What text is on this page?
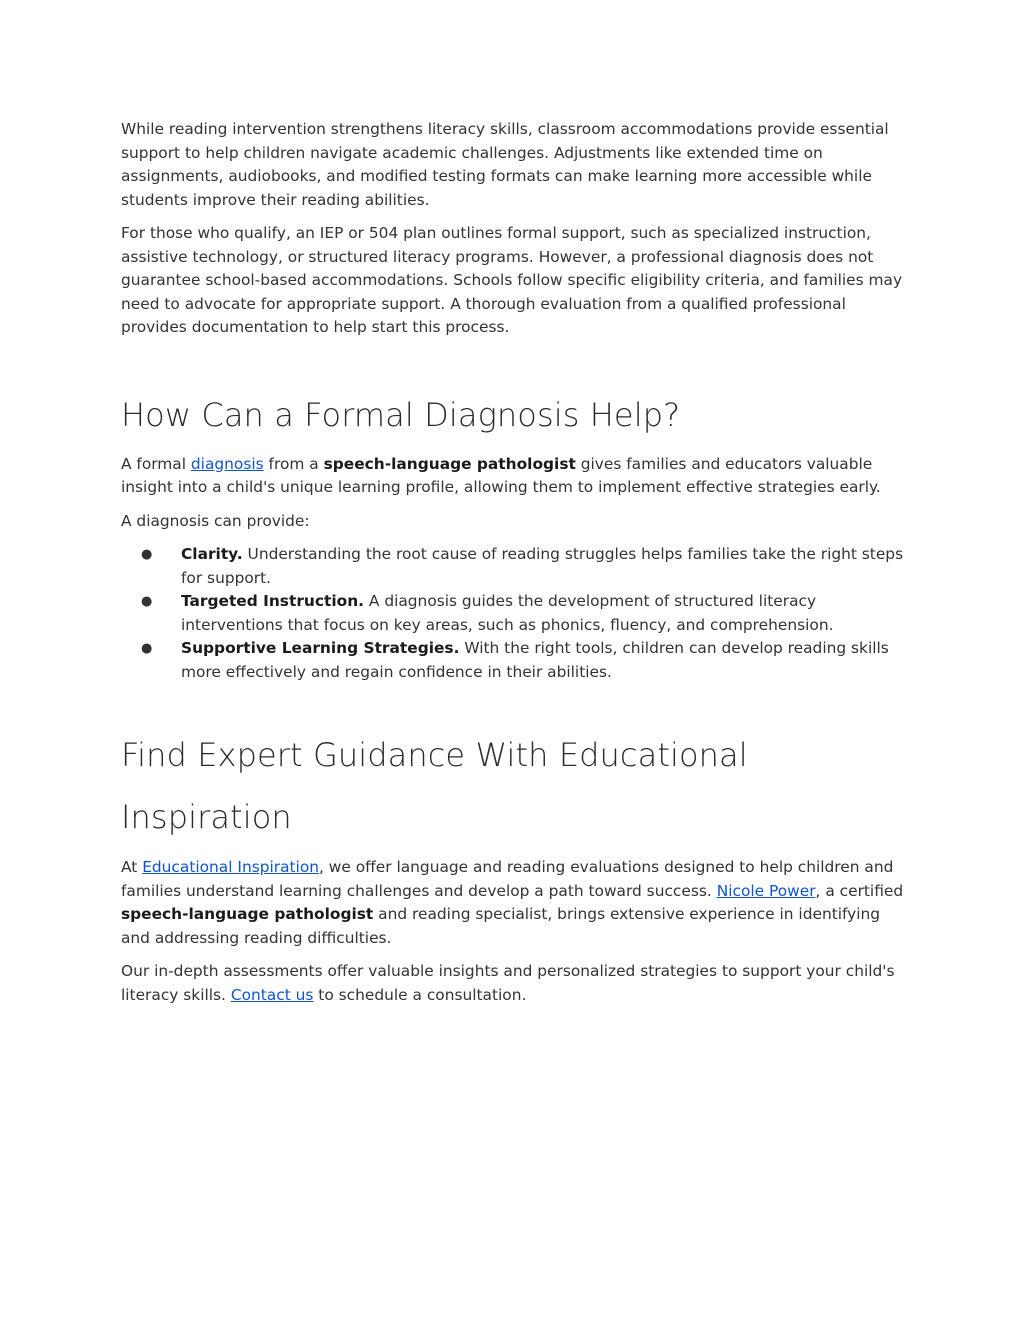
While reading intervention strengthens literacy skills, classroom accommodations provide essential support to help children navigate academic challenges. Adjustments like extended time on assignments, audiobooks, and modified testing formats can make learning more accessible while students improve their reading abilities.

For those who qualify, an IEP or 504 plan outlines formal support, such as specialized instruction, assistive technology, or structured literacy programs. However, a professional diagnosis does not guarantee school-based accommodations. Schools follow specific eligibility criteria, and families may need to advocate for appropriate support. A thorough evaluation from a qualified professional provides documentation to help start this process.

How Can a Formal Diagnosis Help?

A formal diagnosis from a speech-language pathologist gives families and educators valuable insight into a child's unique learning profile, allowing them to implement effective strategies early.

A diagnosis can provide:

● Clarity. Understanding the root cause of reading struggles helps families take the right steps for support.
● Targeted Instruction. A diagnosis guides the development of structured literacy interventions that focus on key areas, such as phonics, fluency, and comprehension.
● Supportive Learning Strategies. With the right tools, children can develop reading skills more effectively and regain confidence in their abilities.
Find Expert Guidance With Educational
Inspiration

At Educational Inspiration, we offer language and reading evaluations designed to help children and families understand learning challenges and develop a path toward success. Nicole Power, a certified speech-language pathologist and reading specialist, brings extensive experience in identifying and addressing reading difficulties.

Our in-depth assessments offer valuable insights and personalized strategies to support your child's literacy skills. Contact us to schedule a consultation.
